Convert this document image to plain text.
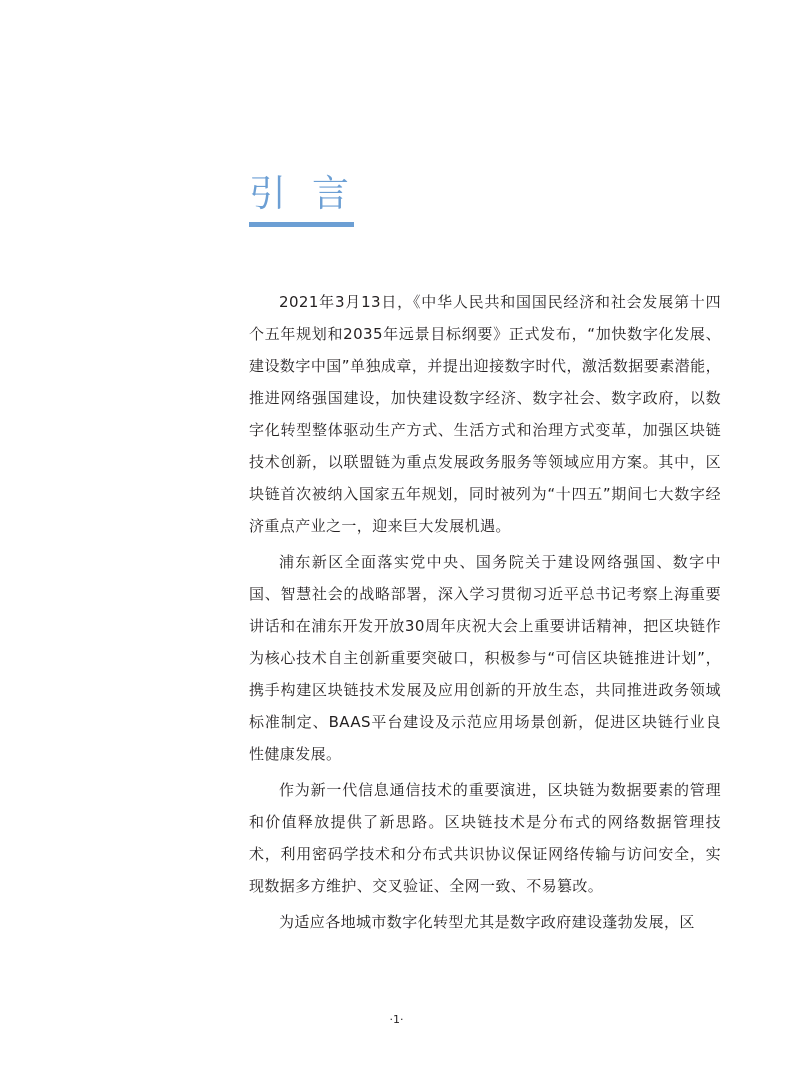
引言

2021年3月13日，《中华人民共和国国民经济和社会发展第十四个五年规划和2035年远景目标纲要》正式发布，“加快数字化发展、建设数字中国”单独成章，并提出迎接数字时代，激活数据要素潜能，推进网络强国建设，加快建设数字经济、数字社会、数字政府，以数字化转型整体驱动生产方式、生活方式和治理方式变革，加强区块链技术创新，以联盟链为重点发展政务服务等领域应用方案。其中，区块链首次被纳入国家五年规划，同时被列为“十四五”期间七大数字经济重点产业之一，迎来巨大发展机遇。

浦东新区全面落实党中央、国务院关于建设网络强国、数字中国、智慧社会的战略部署，深入学习贯彻习近平总书记考察上海重要讲话和在浦东开发开放30周年庆祝大会上重要讲话精神，把区块链作为核心技术自主创新重要突破口，积极参与“可信区块链推进计划”，携手构建区块链技术发展及应用创新的开放生态，共同推进政务领域标准制定、BAAS平台建设及示范应用场景创新，促进区块链行业良性健康发展。

作为新一代信息通信技术的重要演进，区块链为数据要素的管理和价值释放提供了新思路。区块链技术是分布式的网络数据管理技术，利用密码学技术和分布式共识协议保证网络传输与访问安全，实现数据多方维护、交叉验证、全网一致、不易篡改。

为适应各地城市数字化转型尤其是数字政府建设蓬勃发展，区

·1·
